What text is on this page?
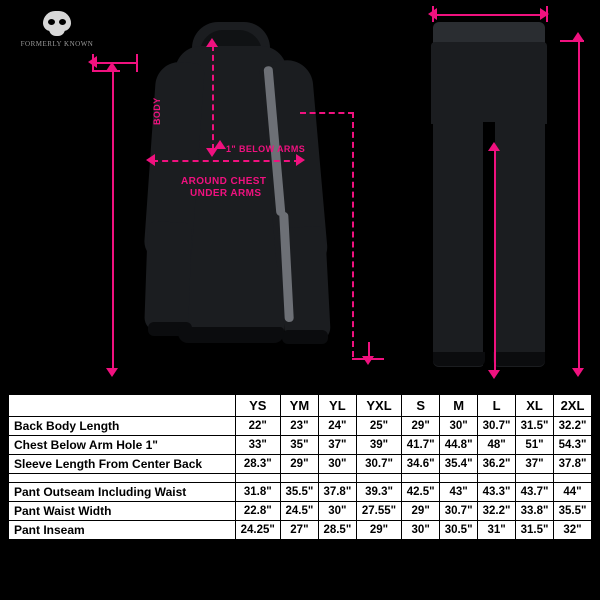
FORMERLY KNOWN
BODY
1" BELOW ARMS
AROUND CHEST
UNDER ARMS
	YS	YM	YL	YXL	S	M	L	XL	2XL
Back Body Length	22"	23"	24"	25"	29"	30"	30.7"	31.5"	32.2"
Chest Below Arm Hole 1"	33"	35"	37"	39"	41.7"	44.8"	48"	51"	54.3"
Sleeve Length From Center Back	28.3"	29"	30"	30.7"	34.6"	35.4"	36.2"	37"	37.8"

Pant Outseam Including Waist	31.8"	35.5"	37.8"	39.3"	42.5"	43"	43.3"	43.7"	44"
Pant Waist Width	22.8"	24.5"	30"	27.55"	29"	30.7"	32.2"	33.8"	35.5"
Pant Inseam	24.25"	27"	28.5"	29"	30"	30.5"	31"	31.5"	32"
